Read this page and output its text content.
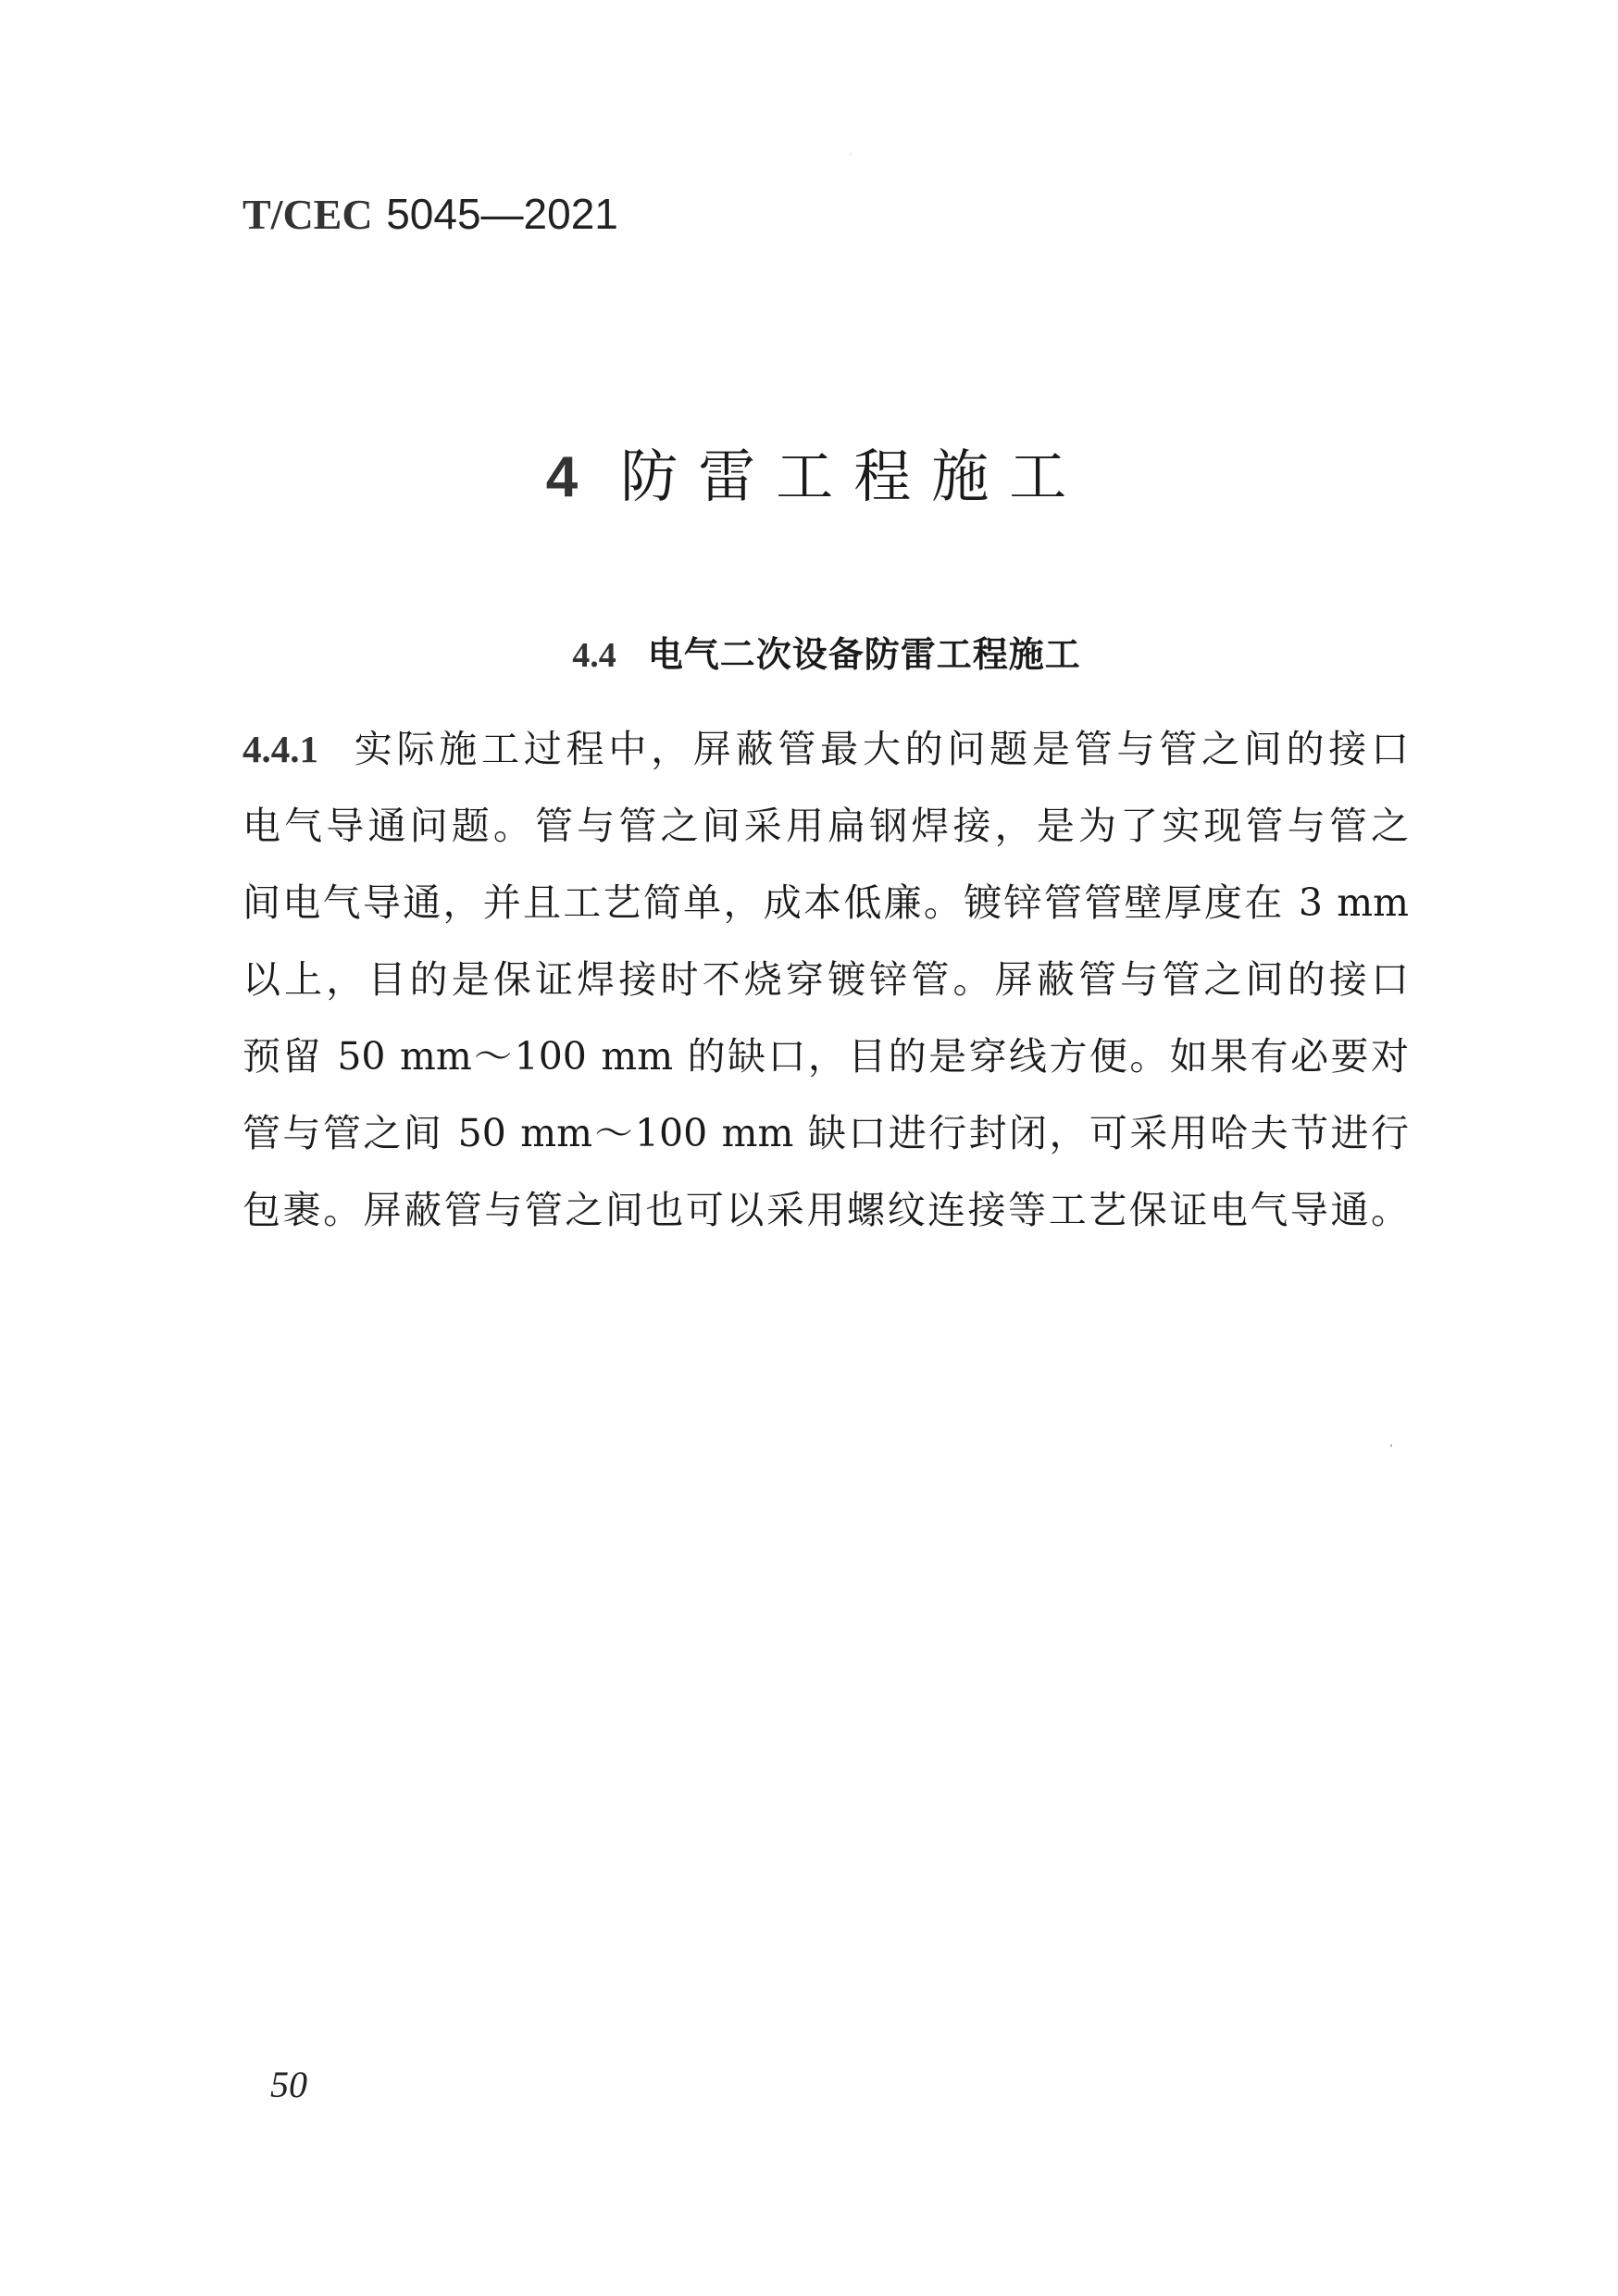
T/CEC 5045—2021
4 防雷工程施工
4.4 电气二次设备防雷工程施工
4.4.1 实际施工过程中，屏蔽管最大的问题是管与管之间的接口
电气导通问题。管与管之间采用扁钢焊接，是为了实现管与管之
间电气导通，并且工艺简单，成本低廉。镀锌管管壁厚度在 3 mm
以上，目的是保证焊接时不烧穿镀锌管。屏蔽管与管之间的接口
预留 50 mm～100 mm 的缺口，目的是穿线方便。如果有必要对
管与管之间 50 mm～100 mm 缺口进行封闭，可采用哈夫节进行
包裹。屏蔽管与管之间也可以采用螺纹连接等工艺保证电气导通。
50
